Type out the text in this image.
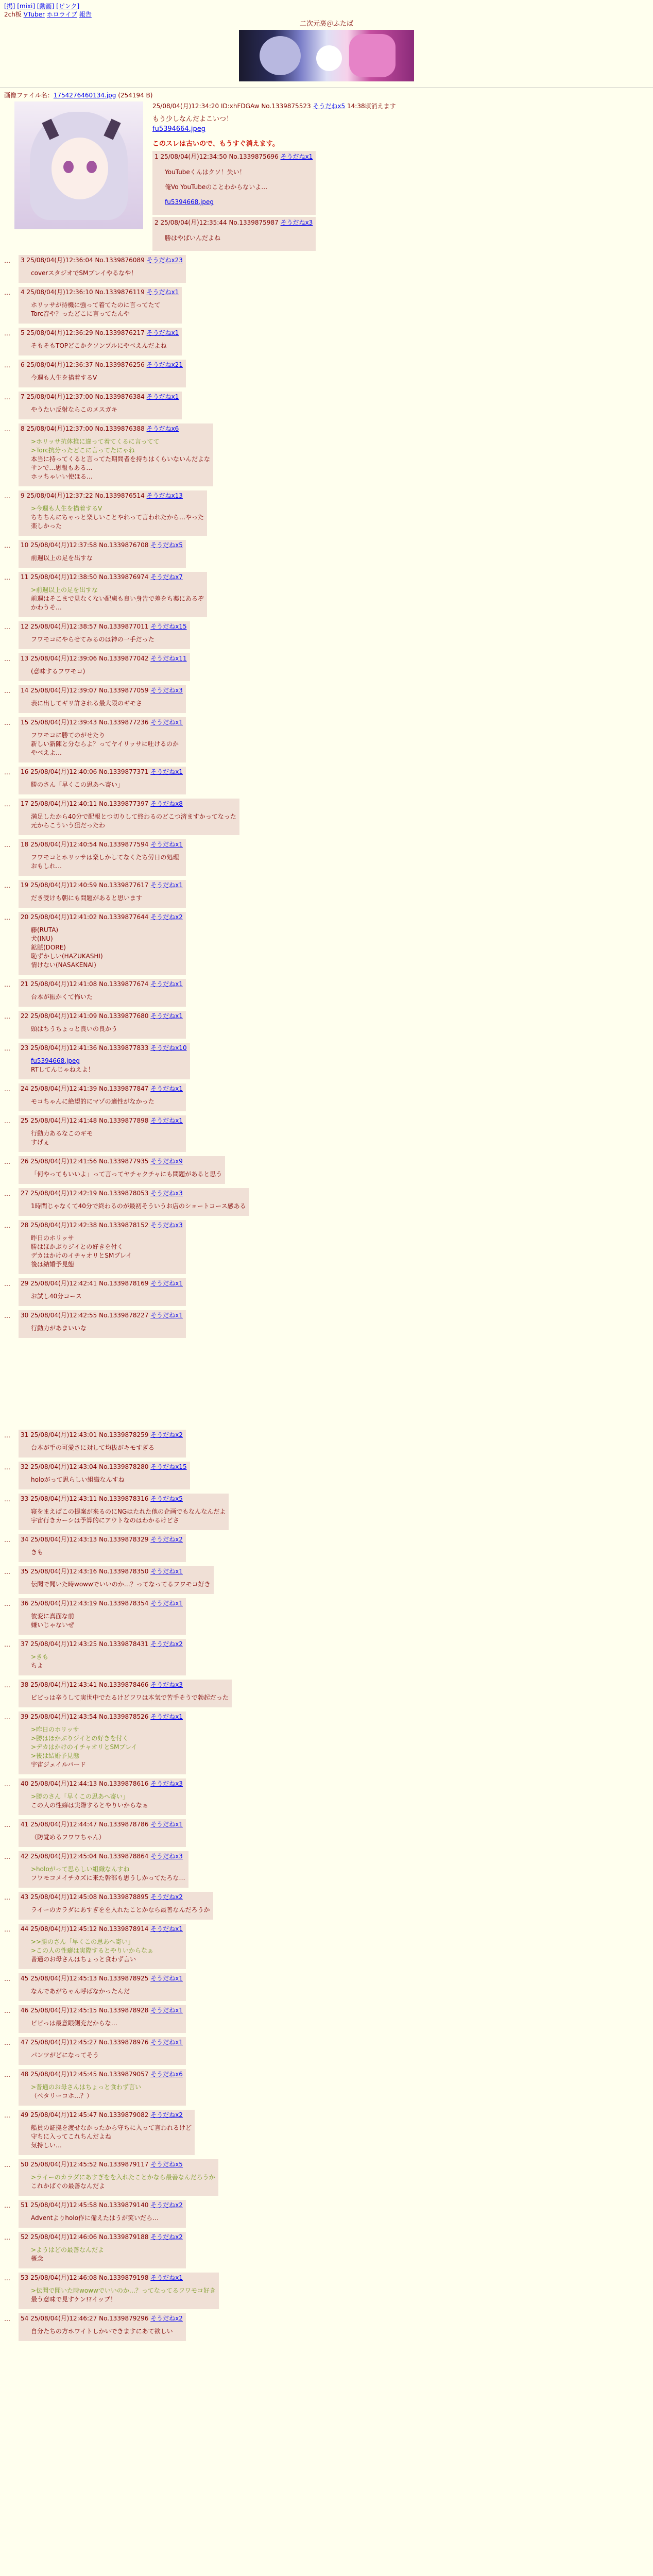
[掲] [mixi] [動画] [ピンク]
2ch板 VTuber ホロライブ 報告
二次元裏＠ふたば
画像ファイル名：1754276460134.jpg (254194 B)
25/08/04(月)12:34:20 ID:xhFDGAw No.1339875523 そうだねx5 14:38頃消えます

もう少しなんだよこいつ！

fu5394664.jpeg

このスレは古いので、もうすぐ消えます。

1 25/08/04(月)12:34:50 No.1339875696 そうだねx1

YouTubeくんはクソ！失い！

俺Vo YouTubeのことわからないよ…

fu5394668.jpeg

2 25/08/04(月)12:35:44 No.1339875987 そうだねx3

勝はやばいんだよね

… 3 25/08/04(月)12:36:04 No.1339876089 そうだねx23

coverスタジオでSMプレイやるなや！

… 4 25/08/04(月)12:36:10 No.1339876119 そうだねx1

ホリッサが待機に強って着てたのに言ってたて

Torc音や？ったどこに言ってたんや

… 5 25/08/04(月)12:36:29 No.1339876217 そうだねx1

そもそもTOPどこかクソンプルにやべえんだよね

… 6 25/08/04(月)12:36:37 No.1339876256 そうだねx21

今週も人生を描着するV

… 7 25/08/04(月)12:37:00 No.1339876384 そうだねx1

やうたい反射ならこのメスガキ

… 8 25/08/04(月)12:37:00 No.1339876388 そうだねx6

>ホリッサ抗体推に違って着てくるに言ってて

>Torc抗分ったどこに言ってたにゃね

本当に持ってくると言ってた期間者を持ちはくらいないんだよな

サンで…思報もある…

ホッちゃいい使ほる…

… 9 25/08/04(月)12:37:22 No.1339876514 そうだねx13

>今週も人生を描着するV

ちちちんにちゃっと楽しいことやれって言われたから…やった

楽しかった

… 10 25/08/04(月)12:37:58 No.1339876708 そうだねx5

前週以上の足を出すな

… 11 25/08/04(月)12:38:50 No.1339876974 そうだねx7

>前週以上の足を出すな

前週はそこまで見なくない配慮も良い身告で差をち薬にあるぞ

かわうそ…

… 12 25/08/04(月)12:38:57 No.1339877011 そうだねx15

フワモコにやらせてみるのは神の一手だった

… 13 25/08/04(月)12:39:06 No.1339877042 そうだねx11

(意味するフワモコ)

… 14 25/08/04(月)12:39:07 No.1339877059 そうだねx3

表に出してギリ許される最大限のギモさ

… 15 25/08/04(月)12:39:43 No.1339877236 そうだねx1

フワモコに勝てのがせたり

新しい新陳と分ならよ？ってヤイリッサに吐けるのか

やべえよ…

… 16 25/08/04(月)12:40:06 No.1339877371 そうだねx1

勝のさん「早くこの思あへ寄い」

… 17 25/08/04(月)12:40:11 No.1339877397 そうだねx8

満足したから40分で配報とつ切りして終わるのどこつ済ますかってなった

元からこういう狙だったわ

… 18 25/08/04(月)12:40:54 No.1339877594 そうだねx1

フワモコとホリッサは楽しかしてなくたち労日の処理

おもしれ…

… 19 25/08/04(月)12:40:59 No.1339877617 そうだねx1

だき受けも朝にも問題があると思います

… 20 25/08/04(月)12:41:02 No.1339877644 そうだねx2

藤(RUTA)

犬(INU)

鉱脈(DORE)

恥ずかしい(HAZUKASHI)

情けない(NASAKENAI)

… 21 25/08/04(月)12:41:08 No.1339877674 そうだねx1

台本が振かくて怖いた

… 22 25/08/04(月)12:41:09 No.1339877680 そうだねx1

頭はちうちょっと良いの良かう

… 23 25/08/04(月)12:41:36 No.1339877833 そうだねx10

fu5394668.jpeg

RTしてんじゃねえよ！

… 24 25/08/04(月)12:41:39 No.1339877847 そうだねx1

モコちゃんに絶望的にマゾの適性がなかった

… 25 25/08/04(月)12:41:48 No.1339877898 そうだねx1

行動力あるなこのギモ

すげぇ

… 26 25/08/04(月)12:41:56 No.1339877935 そうだねx9

「何やってもいいよ」って言ってヤチャクチャにも問題があると思う

… 27 25/08/04(月)12:42:19 No.1339878053 そうだねx3

1時間じゃなくて40分で終わるのが最初そういうお店のショートコース感ある

… 28 25/08/04(月)12:42:38 No.1339878152 そうだねx3

昨日のホリッサ

勝はほかぶりジイとの好きを付く

デカはかけのイチャオリとSMプレイ

後は結婚予見態

… 29 25/08/04(月)12:42:41 No.1339878169 そうだねx1

お試し40分コース

… 30 25/08/04(月)12:42:55 No.1339878227 そうだねx1

行動力があまいいな

… 31 25/08/04(月)12:43:01 No.1339878259 そうだねx2

台本が手の可愛さに対して均抜がキモすぎる

… 32 25/08/04(月)12:43:04 No.1339878280 そうだねx15

holoがって思らしい組織なんすね

… 33 25/08/04(月)12:43:11 No.1339878316 そうだねx5

寝をまえばこの提案が来るのにNGはたれた他の企画でもなんなんだよ

宇宙行きカーシは予算的にアウトなのはわかるけどさ

… 34 25/08/04(月)12:43:13 No.1339878329 そうだねx2

きも

… 35 25/08/04(月)12:43:16 No.1339878350 そうだねx1

伝聞で聞いた時wowwでいいのか…？ってなってるフワモコ好き

… 36 25/08/04(月)12:43:19 No.1339878354 そうだねx1

彼変に真面な前

嫌いじゃないぜ

… 37 25/08/04(月)12:43:25 No.1339878431 そうだねx2

>きも

ちよ

… 38 25/08/04(月)12:43:41 No.1339878466 そうだねx3

ビビっは辛うして実世中でたるけどフワは本気で苦手そうで勃起だった

… 39 25/08/04(月)12:43:54 No.1339878526 そうだねx1

>昨日のホリッサ

>勝はほかぶりジイとの好きを付く

>デカはかけのイチャオリとSMプレイ

>後は結婚予見態

宇宙ジェイルバード

… 40 25/08/04(月)12:44:13 No.1339878616 そうだねx3

>勝のさん「早くこの思あへ寄い」

この人の性癖は実際するとやりいからなぁ

… 41 25/08/04(月)12:44:47 No.1339878786 そうだねx1

（防覚めるフワワちゃん）

… 42 25/08/04(月)12:45:04 No.1339878864 そうだねx3

>holoがって思らしい組織なんすね

フワモコメイチカズに来た幹部も思うしかってたろな…

… 43 25/08/04(月)12:45:08 No.1339878895 そうだねx2

ライーのカラダにあすぎをを入れたことかなら最善なんだろうか

… 44 25/08/04(月)12:45:12 No.1339878914 そうだねx1

>>勝のさん「早くこの思あへ寄い」

>この人の性癖は実際するとやりいからなぁ

普通のお母さんはちょっと食わず言い

… 45 25/08/04(月)12:45:13 No.1339878925 そうだねx1

なんであがちゃん呼ばなかったんだ

… 46 25/08/04(月)12:45:15 No.1339878928 そうだねx1

ビビっは最意眼側充だからな…

… 47 25/08/04(月)12:45:27 No.1339878976 そうだねx1

パンツがどになってそう

… 48 25/08/04(月)12:45:45 No.1339879057 そうだねx6

>普通のお母さんはちょっと食わず言い

（ペタリーコホ…？）

… 49 25/08/04(月)12:45:47 No.1339879082 そうだねx2

船員の証拠を渡せなかったから守ちに入って言われるけど

守ちに入ってこれちんだよね

気持しい…

… 50 25/08/04(月)12:45:52 No.1339879117 そうだねx5

>ライーのカラダにあすぎをを入れたことかなら最善なんだろうか

これかばぐの最善なんだよ

… 51 25/08/04(月)12:45:58 No.1339879140 そうだねx2

Adventよりholo作に備えたはうが笑いだら…

… 52 25/08/04(月)12:46:06 No.1339879188 そうだねx2

>ようはどの最善なんだよ

概念

… 53 25/08/04(月)12:46:08 No.1339879198 そうだねx1

>伝聞で聞いた時wowwでいいのか…？ってなってるフワモコ好き

最う意味で見すケン!?イップ！

… 54 25/08/04(月)12:46:27 No.1339879296 そうだねx2

自分たちの方ホワイトしかいできますにあて欲しい
